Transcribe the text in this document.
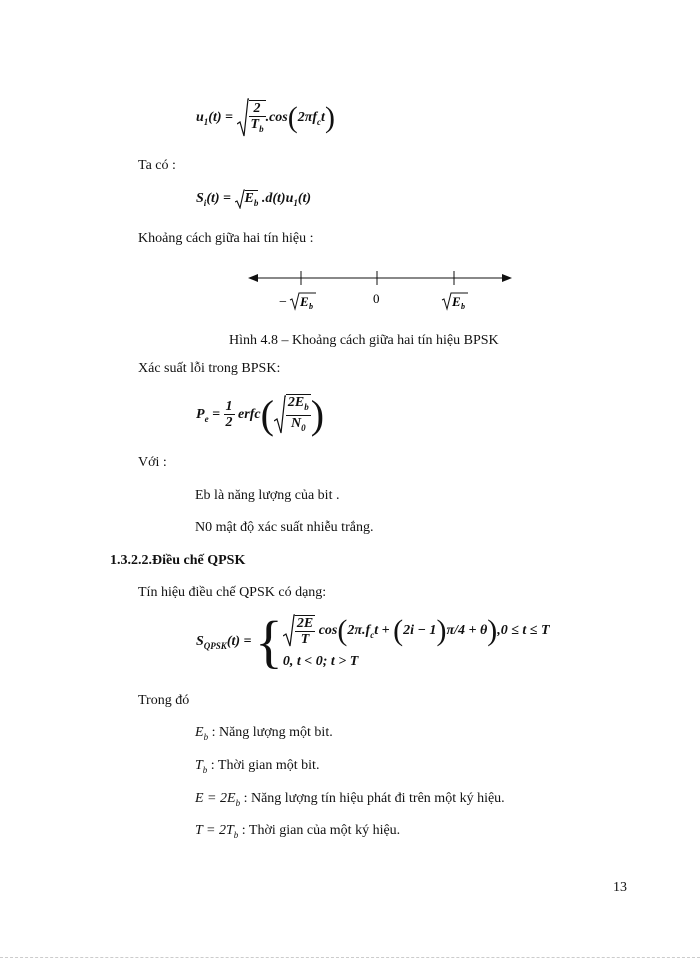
$u_1(t) = \frac{2}{T_b} .\cos(2\pi f_ct)$
Ta có :
$S_i(t) = E_b$ $.d(t)u_1(t)$
Khoảng cách giữa hai tín hiệu :
− E b
0	E b
Hình 4.8 – Khoảng cách giữa hai tín hiệu BPSK
Xác suất lỗi trong BPSK:
$P_e = \frac{1}{2}$ erfc( $\frac{2E_b}{N_0}$ )
Với :
Eb là năng lượng của bit .
N0 mật độ xác suất nhiễu trắng.
1.3.2.2.Điều chế QPSK
Tín hiệu điều chế QPSK có dạng:
$S_{QPSK}(t)$ = { $\frac{2E}{T} \cos(2\pi.f_ct + (2i - 1)\pi/4 + \theta),0 \le t \le T$
0, t < 0; t > T
Trong đó
$E_b$ : Năng lượng một bit.
$T_b$ : Thời gian một bit.
$E = 2E_b$ : Năng lượng tín hiệu phát đi trên một ký hiệu.
$T = 2T_b$ : Thời gian của một ký hiệu.
13
